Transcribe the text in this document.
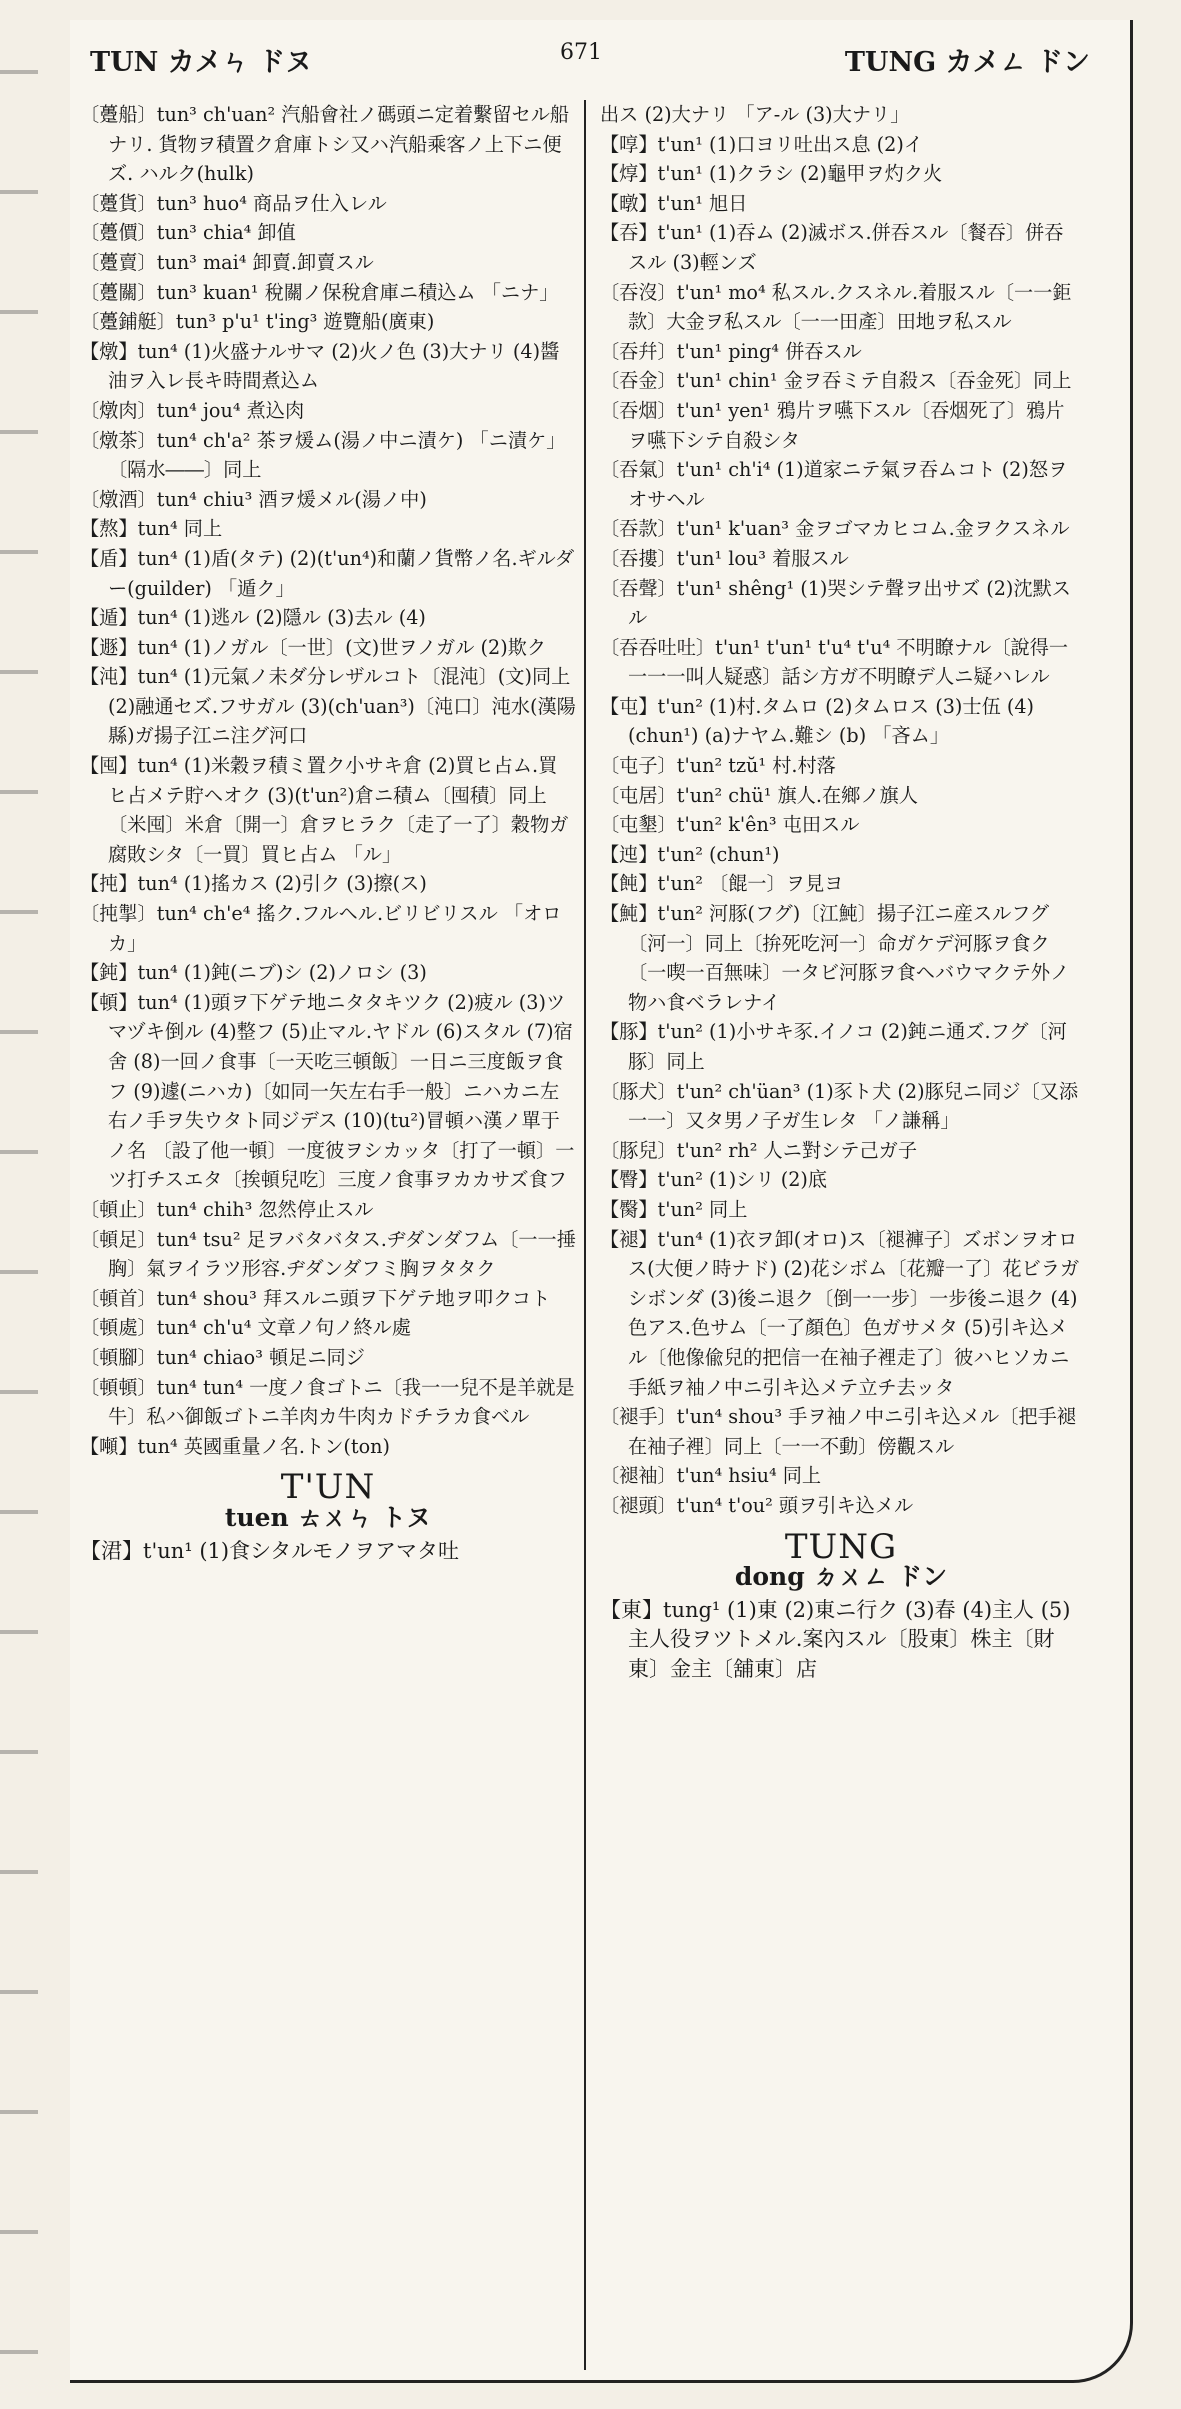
TUN カメㄣ ドヌ	671	TUNG カメㄥ ドン

〔躉船〕tun³ ch'uan² 汽船會社ノ碼頭ニ定着繫留セル船ナリ. 貨物ヲ積置ク倉庫トシ又ハ汽船乘客ノ上下ニ便ズ. ハルク(hulk)

〔躉貨〕tun³ huo⁴ 商品ヲ仕入レル

〔躉價〕tun³ chia⁴ 卸值

〔躉賣〕tun³ mai⁴ 卸賣.卸賣スル

〔躉關〕tun³ kuan¹ 稅關ノ保稅倉庫ニ積込ム 「ニナ」

〔躉鋪艇〕tun³ p'u¹ t'ing³ 遊覽船(廣東)

【燉】tun⁴ (1)火盛ナルサマ (2)火ノ色 (3)大ナリ (4)醬油ヲ入レ長キ時間煮込ム

〔燉肉〕tun⁴ jou⁴ 煮込肉

〔燉茶〕tun⁴ ch'a² 茶ヲ煖ム(湯ノ中ニ漬ケ) 「ニ漬ケ」〔隔水――〕同上

〔燉酒〕tun⁴ chiu³ 酒ヲ煖メル(湯ノ中)

【熬】tun⁴ 同上

【盾】tun⁴ (1)盾(タテ) (2)(t'un⁴)和蘭ノ貨幣ノ名.ギルダー(guilder) 「遁ク」

【遁】tun⁴ (1)逃ル (2)隱ル (3)去ル (4)

【遯】tun⁴ (1)ノガル〔一世〕(文)世ヲノガル (2)欺ク

【沌】tun⁴ (1)元氣ノ未ダ分レザルコト〔混沌〕(文)同上 (2)融通セズ.フサガル (3)(ch'uan³)〔沌口〕沌水(漢陽縣)ガ揚子江ニ注グ河口

【囤】tun⁴ (1)米穀ヲ積ミ置ク小サキ倉 (2)買ヒ占ム.買ヒ占メテ貯ヘオク (3)(t'un²)倉ニ積ム〔囤積〕同上〔米囤〕米倉〔開一〕倉ヲヒラク〔走了一了〕穀物ガ腐敗シタ〔一買〕買ヒ占ム 「ル」

【扽】tun⁴ (1)搖カス (2)引ク (3)擦(ス)

〔扽掣〕tun⁴ ch'e⁴ 搖ク.フルヘル.ビリビリスル 「オロカ」

【鈍】tun⁴ (1)鈍(ニブ)シ (2)ノロシ (3)

【頓】tun⁴ (1)頭ヲ下ゲテ地ニタタキツク (2)疲ル (3)ツマヅキ倒ル (4)整フ (5)止マル.ヤドル (6)スタル (7)宿舍 (8)一回ノ食事〔一天吃三頓飯〕一日ニ三度飯ヲ食フ (9)遽(ニハカ)〔如同一矢左右手一般〕ニハカニ左右ノ手ヲ失ウタト同ジデス (10)(tu²)冒頓ハ漢ノ單于ノ名 〔設了他一頓〕一度彼ヲシカッタ〔打了一頓〕一ツ打チスエタ〔挨頓兒吃〕三度ノ食事ヲカカサズ食フ

〔頓止〕tun⁴ chih³ 忽然停止スル

〔頓足〕tun⁴ tsu² 足ヲバタバタス.ヂダンダフム〔一一捶胸〕氣ヲイラツ形容.ヂダンダフミ胸ヲタタク

〔頓首〕tun⁴ shou³ 拜スルニ頭ヲ下ゲテ地ヲ叩クコト

〔頓處〕tun⁴ ch'u⁴ 文章ノ句ノ終ル處

〔頓腳〕tun⁴ chiao³ 頓足ニ同ジ

〔頓頓〕tun⁴ tun⁴ 一度ノ食ゴトニ〔我一一兒不是羊就是牛〕私ハ御飯ゴトニ羊肉カ牛肉カドチラカ食ベル

【噸】tun⁴ 英國重量ノ名.トン(ton)

T'UN
tuen ㄊㄨㄣ トヌ

【涒】t'un¹ (1)食シタルモノヲアマタ吐

出ス (2)大ナリ 「ア-ル (3)大ナリ」

【啍】t'un¹ (1)口ヨリ吐出ス息 (2)イ

【焞】t'un¹ (1)クラシ (2)龜甲ヲ灼ク火

【暾】t'un¹ 旭日

【吞】t'un¹ (1)吞ム (2)滅ボス.併吞スル〔餐吞〕併吞スル (3)輕ンズ

〔吞沒〕t'un¹ mo⁴ 私スル.クスネル.着服スル〔一一鉅款〕大金ヲ私スル〔一一田產〕田地ヲ私スル

〔吞幷〕t'un¹ ping⁴ 併吞スル

〔吞金〕t'un¹ chin¹ 金ヲ吞ミテ自殺ス〔吞金死〕同上

〔吞烟〕t'un¹ yen¹ 鴉片ヲ嚥下スル〔吞烟死了〕鴉片ヲ嚥下シテ自殺シタ

〔吞氣〕t'un¹ ch'i⁴ (1)道家ニテ氣ヲ吞ムコト (2)怒ヲオサヘル

〔吞款〕t'un¹ k'uan³ 金ヲゴマカヒコム.金ヲクスネル

〔吞摟〕t'un¹ lou³ 着服スル

〔吞聲〕t'un¹ shêng¹ (1)哭シテ聲ヲ出サズ (2)沈默スル

〔吞吞吐吐〕t'un¹ t'un¹ t'u⁴ t'u⁴ 不明瞭ナル〔說得一一一一叫人疑惑〕話シ方ガ不明瞭デ人ニ疑ハレル

【屯】t'un² (1)村.タムロ (2)タムロス (3)士伍 (4)(chun¹) (a)ナヤム.難シ (b) 「吝ム」

〔屯子〕t'un² tzŭ¹ 村.村落

〔屯居〕t'un² chü¹ 旗人.在鄉ノ旗人

〔屯墾〕t'un² k'ên³ 屯田スル

【迍】t'un² (chun¹)

【飩】t'un² 〔餛一〕ヲ見ヨ

【魨】t'un² 河豚(フグ)〔江魨〕揚子江ニ産スルフグ〔河一〕同上〔拚死吃河一〕命ガケデ河豚ヲ食ク〔一喫一百無味〕一タビ河豚ヲ食ヘバウマクテ外ノ物ハ食ベラレナイ

【豚】t'un² (1)小サキ豕.イノコ (2)鈍ニ通ズ.フグ〔河豚〕同上

〔豚犬〕t'un² ch'üan³ (1)豕ト犬 (2)豚兒ニ同ジ〔又添一一〕又タ男ノ子ガ生レタ 「ノ謙稱」

〔豚兒〕t'un² rh² 人ニ對シテ己ガ子

【臀】t'un² (1)シリ (2)底

【臋】t'un² 同上

【褪】t'un⁴ (1)衣ヲ卸(オロ)ス〔褪褲子〕ズボンヲオロス(大便ノ時ナド) (2)花シボム〔花瓣一了〕花ビラガシボンダ (3)後ニ退ク〔倒一一步〕一步後ニ退ク (4)色アス.色サム〔一了顏色〕色ガサメタ (5)引キ込メル〔他像偸兒的把信一在袖子裡走了〕彼ハヒソカニ手紙ヲ袖ノ中ニ引キ込メテ立チ去ッタ

〔褪手〕t'un⁴ shou³ 手ヲ袖ノ中ニ引キ込メル〔把手褪在袖子裡〕同上〔一一不動〕傍觀スル

〔褪袖〕t'un⁴ hsiu⁴ 同上

〔褪頭〕t'un⁴ t'ou² 頭ヲ引キ込メル

TUNG
dong ㄉㄨㄥ ドン

【東】tung¹ (1)東 (2)東ニ行ク (3)春 (4)主人 (5)主人役ヲツトメル.案內スル〔股東〕株主〔財東〕金主〔舖東〕店
